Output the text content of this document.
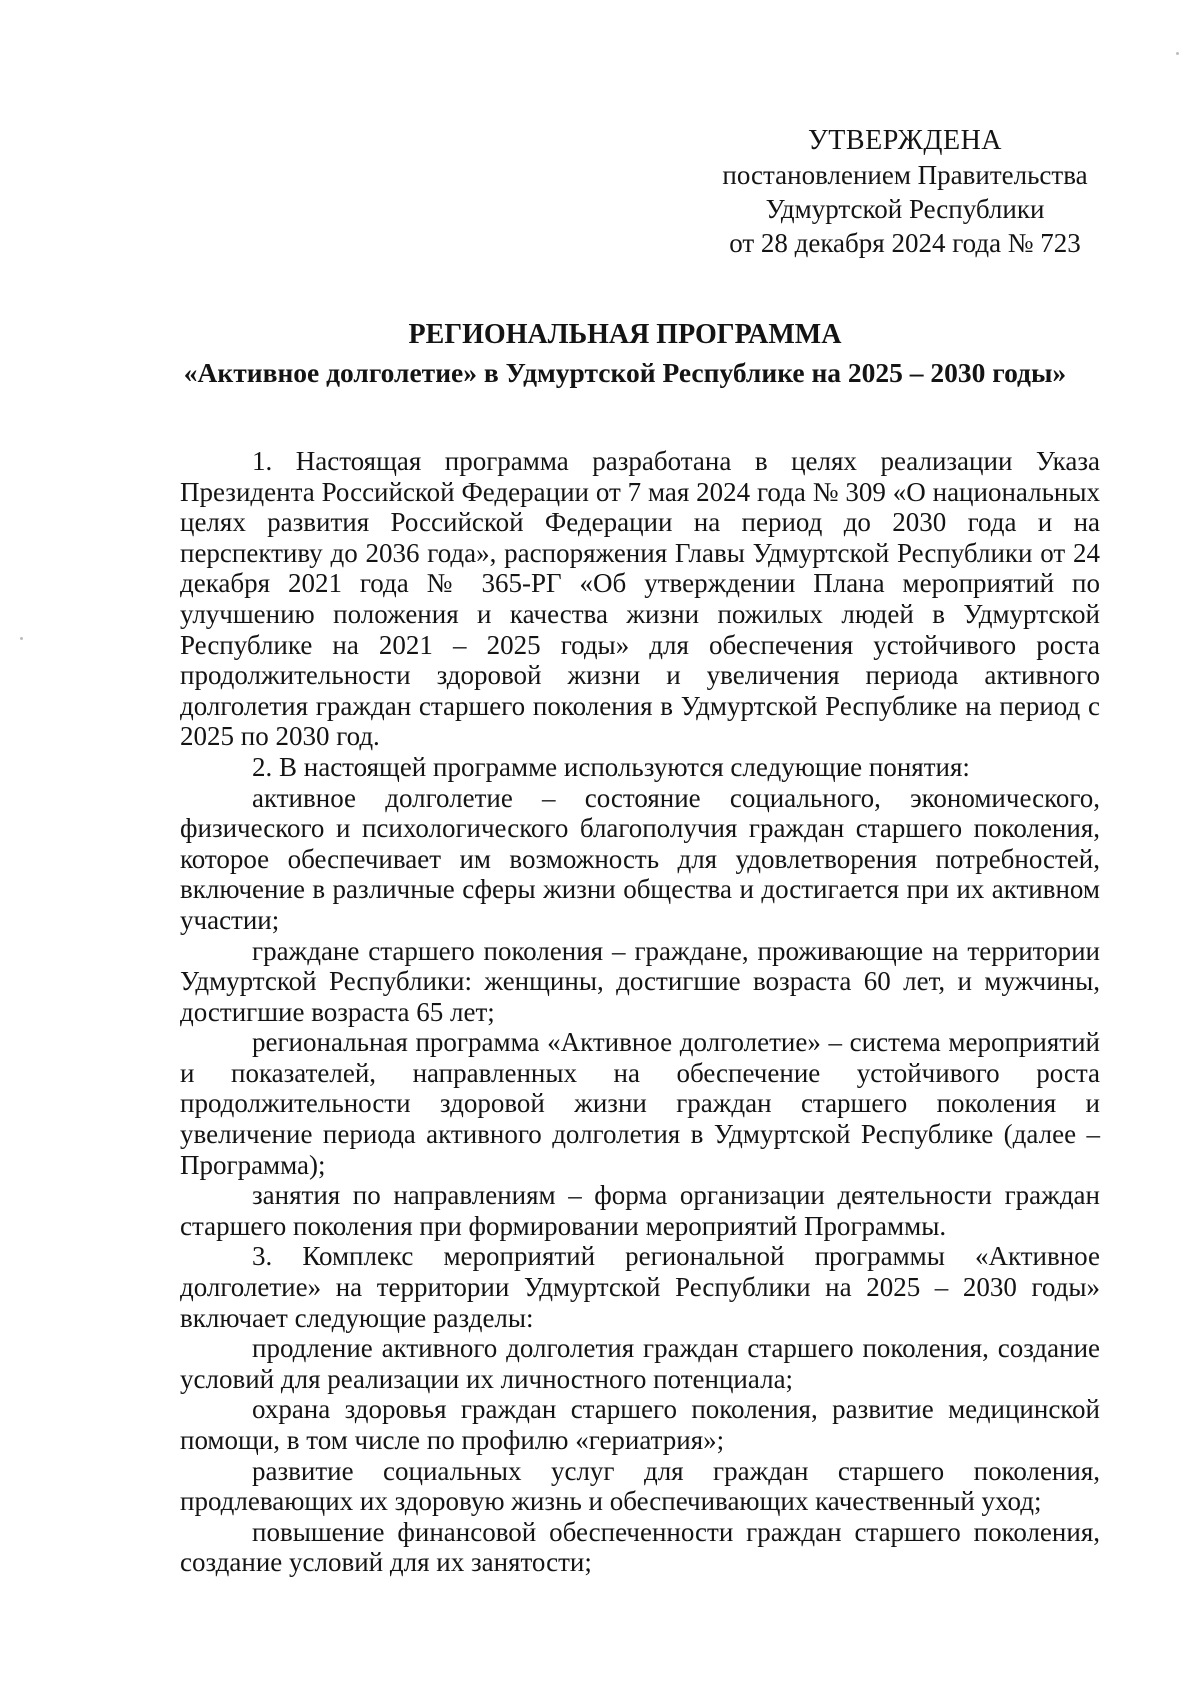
УТВЕРЖДЕНА
постановлением Правительства
Удмуртской Республики
от 28 декабря 2024 года № 723
РЕГИОНАЛЬНАЯ ПРОГРАММА
«Активное долголетие» в Удмуртской Республике на 2025 – 2030 годы»

1. Настоящая программа разработана в целях реализации Указа Президента Российской Федерации от 7 мая 2024 года № 309 «О национальных целях развития Российской Федерации на период до 2030 года и на перспективу до 2036 года», распоряжения Главы Удмуртской Республики от 24 декабря 2021 года № 365-РГ «Об утверждении Плана мероприятий по улучшению положения и качества жизни пожилых людей в Удмуртской Республике на 2021 – 2025 годы» для обеспечения устойчивого роста продолжительности здоровой жизни и увеличения периода активного долголетия граждан старшего поколения в Удмуртской Республике на период с 2025 по 2030 год.

2. В настоящей программе используются следующие понятия:

активное долголетие – состояние социального, экономического, физического и психологического благополучия граждан старшего поколения, которое обеспечивает им возможность для удовлетворения потребностей, включение в различные сферы жизни общества и достигается при их активном участии;

граждане старшего поколения – граждане, проживающие на территории Удмуртской Республики: женщины, достигшие возраста 60 лет, и мужчины, достигшие возраста 65 лет;

региональная программа «Активное долголетие» – система мероприятий и показателей, направленных на обеспечение устойчивого роста продолжительности здоровой жизни граждан старшего поколения и увеличение периода активного долголетия в Удмуртской Республике (далее – Программа);

занятия по направлениям – форма организации деятельности граждан старшего поколения при формировании мероприятий Программы.

3. Комплекс мероприятий региональной программы «Активное долголетие» на территории Удмуртской Республики на 2025 – 2030 годы» включает следующие разделы:

продление активного долголетия граждан старшего поколения, создание условий для реализации их личностного потенциала;

охрана здоровья граждан старшего поколения, развитие медицинской помощи, в том числе по профилю «гериатрия»;

развитие социальных услуг для граждан старшего поколения, продлевающих их здоровую жизнь и обеспечивающих качественный уход;

повышение финансовой обеспеченности граждан старшего поколения, создание условий для их занятости;
